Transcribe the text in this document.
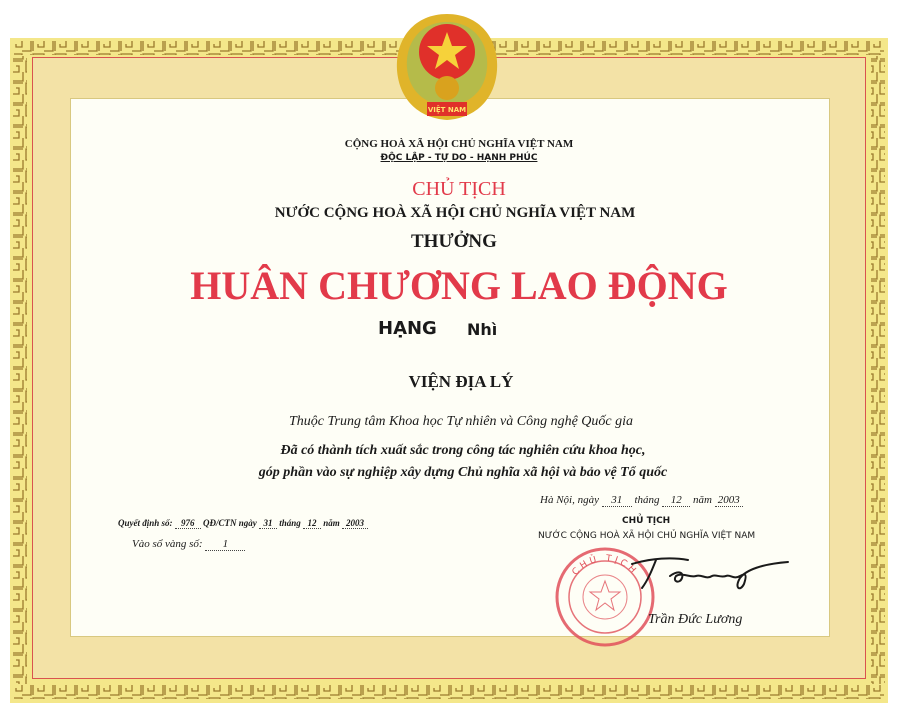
VIỆT NAM

CỘNG HOÀ XÃ HỘI CHỦ NGHĨA VIỆT NAM

ĐỘC LẬP - TỰ DO - HẠNH PHÚC

CHỦ TỊCH

NƯỚC CỘNG HOÀ XÃ HỘI CHỦ NGHĨA VIỆT NAM

THƯỞNG

HUÂN CHƯƠNG LAO ĐỘNG

HẠNG Nhì

VIỆN ĐỊA LÝ

Thuộc Trung tâm Khoa học Tự nhiên và Công nghệ Quốc gia

Đã có thành tích xuất sắc trong công tác nghiên cứu khoa học,

góp phần vào sự nghiệp xây dựng Chủ nghĩa xã hội và bảo vệ Tổ quốc

Hà Nội, ngày 31 tháng 12 năm 2003

CHỦ TỊCH

NƯỚC CỘNG HOÀ XÃ HỘI CHỦ NGHĨA VIỆT NAM

Quyết định số: 976 QĐ/CTN ngày 31 tháng 12 năm 2003

Vào sổ vàng số: 1

CHỦ TỊCH

Trần Đức Lương
